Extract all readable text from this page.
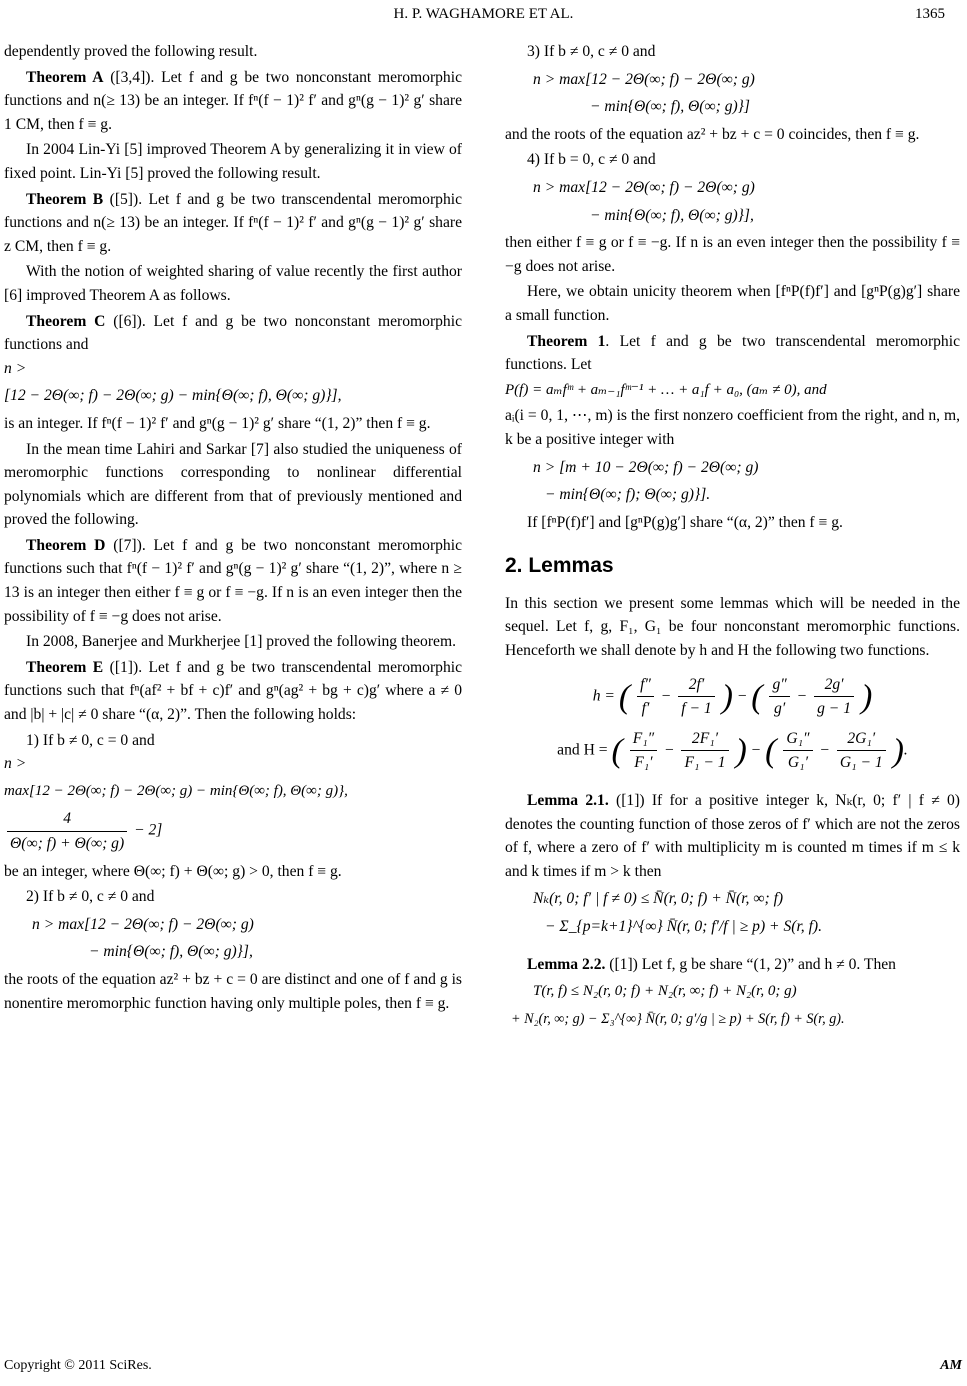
H. P. WAGHAMORE ET AL.	1365

dependently proved the following result.

Theorem A ([3,4]). Let f and g be two nonconstant meromorphic functions and n(≥ 13) be an integer. If fⁿ(f − 1)² f′ and gⁿ(g − 1)² g′ share 1 CM, then f ≡ g.

In 2004 Lin-Yi [5] improved Theorem A by generalizing it in view of fixed point. Lin-Yi [5] proved the following result.

Theorem B ([5]). Let f and g be two transcendental meromorphic functions and n(≥ 13) be an integer. If fⁿ(f − 1)² f′ and gⁿ(g − 1)² g′ share z CM, then f ≡ g.

With the notion of weighted sharing of value recently the first author [6] improved Theorem A as follows.

Theorem C ([6]). Let f and g be two nonconstant meromorphic functions and

n >
[12 − 2Θ(∞; f) − 2Θ(∞; g) − min{Θ(∞; f), Θ(∞; g)}],

is an integer. If fⁿ(f − 1)² f′ and gⁿ(g − 1)² g′ share “(1, 2)” then f ≡ g.

In the mean time Lahiri and Sarkar [7] also studied the uniqueness of meromorphic functions corresponding to nonlinear differential polynomials which are different from that of previously mentioned and proved the following.

Theorem D ([7]). Let f and g be two nonconstant meromorphic functions such that fⁿ(f − 1)² f′ and gⁿ(g − 1)² g′ share “(1, 2)”, where n ≥ 13 is an integer then either f ≡ g or f ≡ −g. If n is an even integer then the possibility of f ≡ −g does not arise.

In 2008, Banerjee and Murkherjee [1] proved the following theorem.

Theorem E ([1]). Let f and g be two transcendental meromorphic functions such that fⁿ(af² + bf + c)f′ and gⁿ(ag² + bg + c)g′ where a ≠ 0 and |b| + |c| ≠ 0 share “(α, 2)”. Then the following holds:

1) If b ≠ 0, c = 0 and

n >
max[12 − 2Θ(∞; f) − 2Θ(∞; g) − min{Θ(∞; f), Θ(∞; g)},
$\frac{4}{\Theta(\infty; f) + \Theta(\infty; g)} - 2$]

be an integer, where Θ(∞; f) + Θ(∞; g) > 0, then f ≡ g.

2) If b ≠ 0, c ≠ 0 and

n > max[12 − 2Θ(∞; f) − 2Θ(∞; g)
− min{Θ(∞; f), Θ(∞; g)}],

the roots of the equation az² + bz + c = 0 are distinct and one of f and g is nonentire meromorphic function having only multiple poles, then f ≡ g.

3) If b ≠ 0, c ≠ 0 and

n > max[12 − 2Θ(∞; f) − 2Θ(∞; g)
− min{Θ(∞; f), Θ(∞; g)}]

and the roots of the equation az² + bz + c = 0 coincides, then f ≡ g.

4) If b = 0, c ≠ 0 and

n > max[12 − 2Θ(∞; f) − 2Θ(∞; g)
− min{Θ(∞; f), Θ(∞; g)}],

then either f ≡ g or f ≡ −g. If n is an even integer then the possibility f ≡ −g does not arise.

Here, we obtain unicity theorem when [fⁿP(f)f′] and [gⁿP(g)g′] share a small function.

Theorem 1. Let f and g be two transcendental meromorphic functions. Let

P(f) = aₘfᵐ + aₘ₋₁fᵐ⁻¹ + … + a₁f + a₀, (aₘ ≠ 0), and

aᵢ(i = 0, 1, ⋯, m) is the first nonzero coefficient from the right, and n, m, k be a positive integer with

n > [m + 10 − 2Θ(∞; f) − 2Θ(∞; g)
− min{Θ(∞; f); Θ(∞; g)}].

If [fⁿP(f)f′] and [gⁿP(g)g′] share “(α, 2)” then f ≡ g.

2. Lemmas

In this section we present some lemmas which will be needed in the sequel. Let f, g, F₁, G₁ be four nonconstant meromorphic functions. Henceforth we shall denote by h and H the following two functions.

h = ( $\frac{f''}{f'} - \frac{2f'}{f - 1}$ ) − ( $\frac{g''}{g'} - \frac{2g'}{g - 1}$ )
and H = ( $\frac{\text{F₁″}}{\text{F₁′}} - \frac{\text{2F₁′}}{\text{F₁ − 1}}$ ) − ( $\frac{\text{G₁″}}{\text{G₁′}} - \frac{\text{2G₁′}}{\text{G₁ − 1}}$ ).

Lemma 2.1. ([1]) If for a positive integer k, Nₖ(r, 0; f′ | f ≠ 0) denotes the counting function of those zeros of f′ which are not the zeros of f, where a zero of f′ with multiplicity m is counted m times if m ≤ k and k times if m > k then

Nₖ(r, 0; f′ | f ≠ 0) ≤ N̄(r, 0; f) + N̄(r, ∞; f)
− Σ_{p=k+1}^{∞} N̄(r, 0; f′/f | ≥ p) + S(r, f).

Lemma 2.2. ([1]) Let f, g be share “(1, 2)” and h ≠ 0. Then

T(r, f) ≤ N₂(r, 0; f) + N₂(r, ∞; f) + N₂(r, 0; g)
+ N₂(r, ∞; g) − Σ₃^{∞} N̄(r, 0; g′/g | ≥ p) + S(r, f) + S(r, g).
Copyright © 2011 SciRes.	AM
